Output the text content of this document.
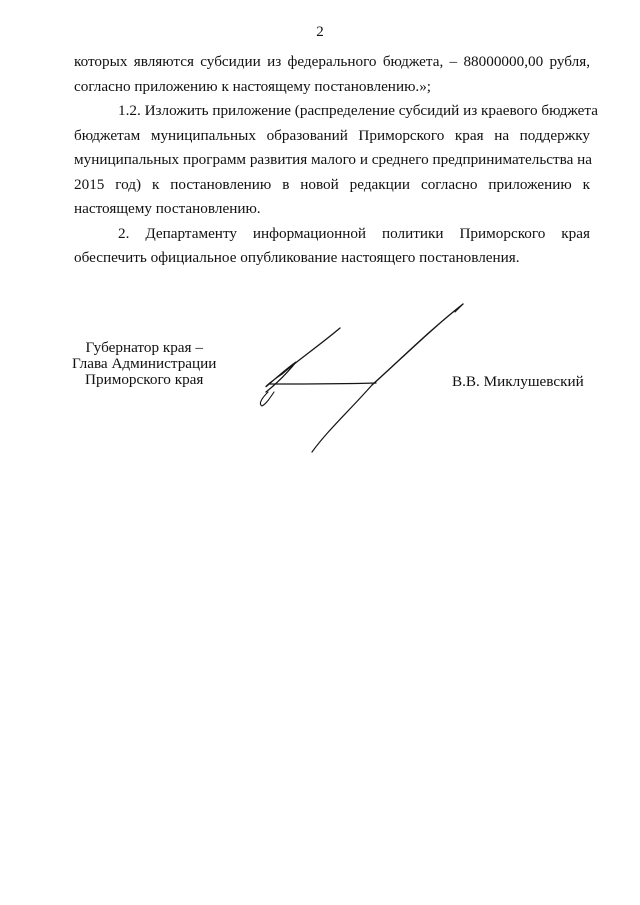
2
которых являются субсидии из федерального бюджета, – 88000000,00 рубля,
согласно приложению к настоящему постановлению.»;
1.2. Изложить приложение (распределение субсидий из краевого бюджета
бюджетам муниципальных образований Приморского края на поддержку
муниципальных программ развития малого и среднего предпринимательства на
2015 год) к постановлению в новой редакции согласно приложению к
настоящему постановлению.
2. Департаменту информационной политики Приморского края
обеспечить официальное опубликование настоящего постановления.
Губернатор края –
Глава Администрации
Приморского края	В.В. Миклушевский
